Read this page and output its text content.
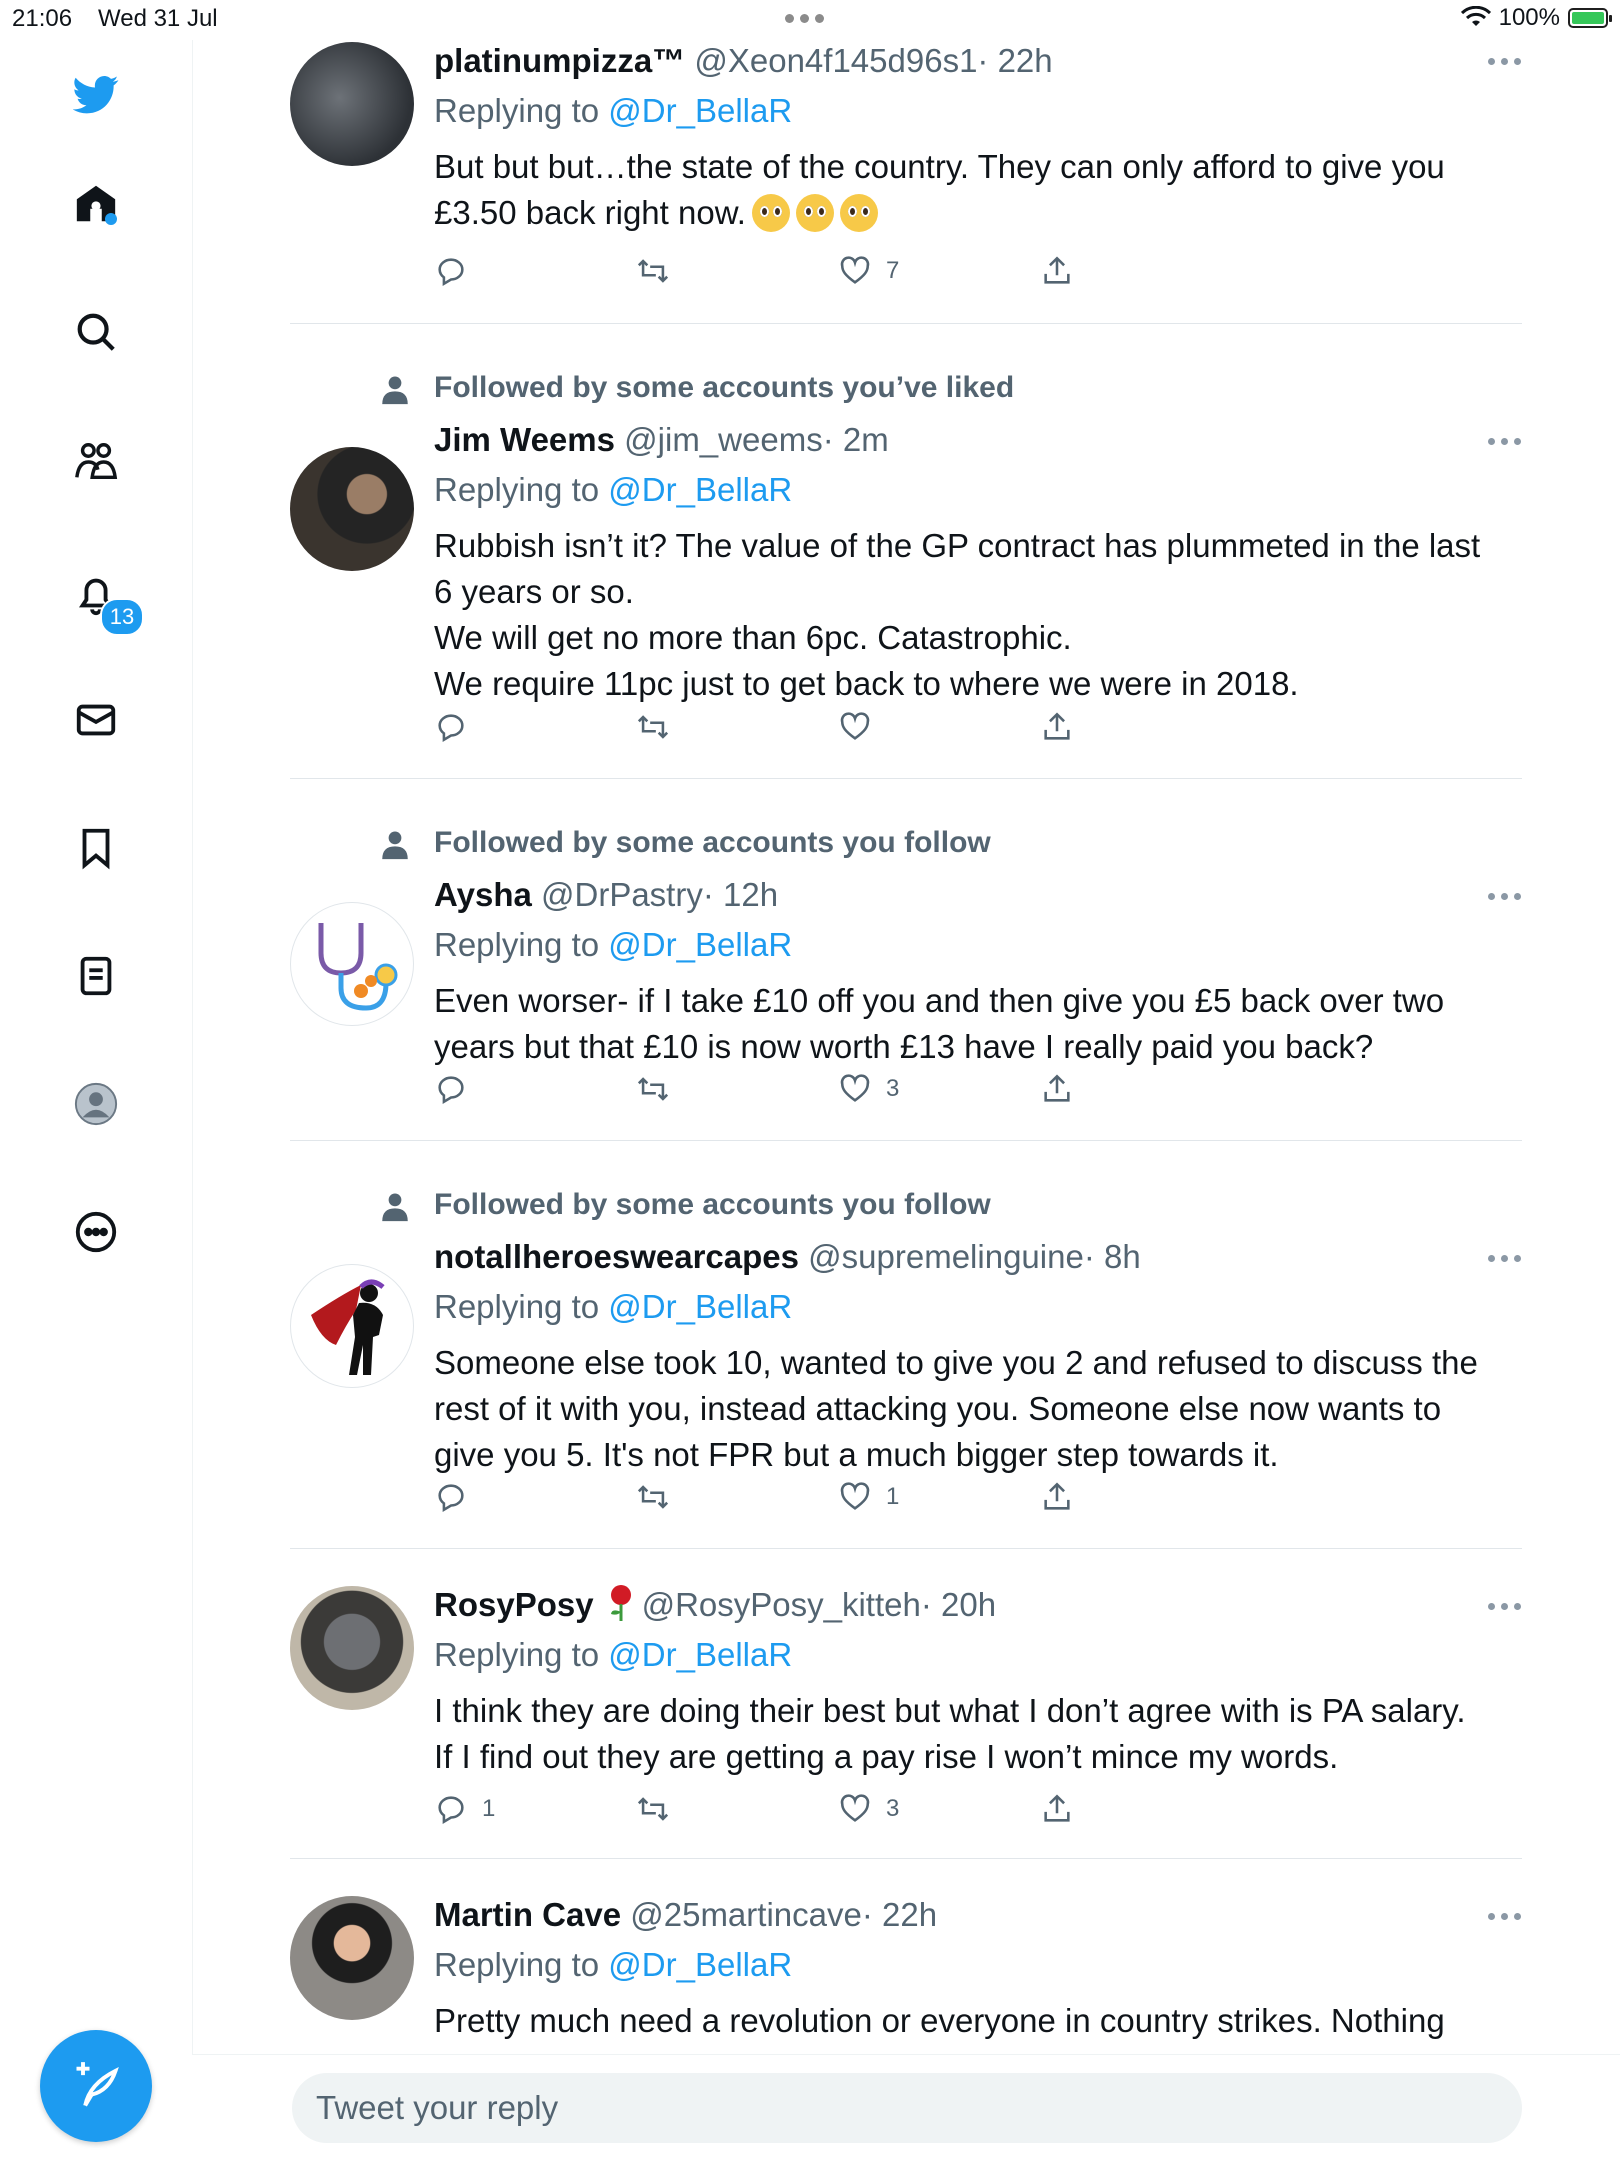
21:06 Wed 31 Jul	100%
13
platinumpizza™ @Xeon4f145d96s1· 22h
Replying to @Dr_BellaR
But but but…the state of the country. They can only afford to give you
£3.50 back right now.
7
Followed by some accounts you’ve liked
Jim Weems @jim_weems· 2m
Replying to @Dr_BellaR
Rubbish isn’t it? The value of the GP contract has plummeted in the last
6 years or so.
We will get no more than 6pc. Catastrophic.
We require 11pc just to get back to where we were in 2018.
Followed by some accounts you follow
Aysha @DrPastry· 12h
Replying to @Dr_BellaR
Even worser- if I take £10 off you and then give you £5 back over two
years but that £10 is now worth £13 have I really paid you back?
3
Followed by some accounts you follow
notallheroeswearcapes @supremelinguine· 8h
Replying to @Dr_BellaR
Someone else took 10, wanted to give you 2 and refused to discuss the
rest of it with you, instead attacking you. Someone else now wants to
give you 5. It's not FPR but a much bigger step towards it.
1
RosyPosy @RosyPosy_kitteh· 20h
Replying to @Dr_BellaR
I think they are doing their best but what I don’t agree with is PA salary.
If I find out they are getting a pay rise I won’t mince my words.
1	3
Martin Cave @25martincave· 22h
Replying to @Dr_BellaR
Pretty much need a revolution or everyone in country strikes. Nothing
Tweet your reply
